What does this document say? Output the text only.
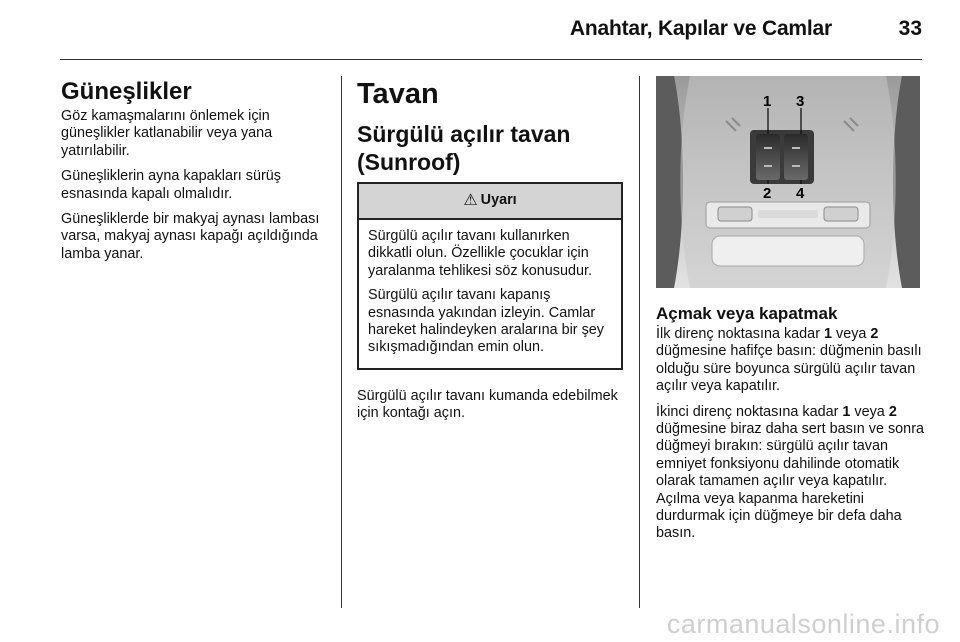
Anahtar, Kapılar ve Camlar	33
Güneşlikler

Göz kamaşmalarını önlemek için güneşlikler katlanabilir veya yana yatırılabilir.

Güneşliklerin ayna kapakları sürüş esnasında kapalı olmalıdır.

Güneşliklerde bir makyaj aynası lambası varsa, makyaj aynası kapağı açıldığında lamba yanar.

Tavan
Sürgülü açılır tavan (Sunroof)
⚠ Uyarı

Sürgülü açılır tavanı kullanırken dikkatli olun. Özellikle çocuklar için yaralanma tehlikesi söz konusudur.

Sürgülü açılır tavanı kapanış esnasında yakından izleyin. Camlar hareket halindeyken aralarına bir şey sıkışmadığından emin olun.

Sürgülü açılır tavanı kumanda edebilmek için kontağı açın.

1 3
2 4
Açmak veya kapatmak

İlk direnç noktasına kadar 1 veya 2 düğmesine hafifçe basın: düğmenin basılı olduğu süre boyunca sürgülü açılır tavan açılır veya kapatılır.

İkinci direnç noktasına kadar 1 veya 2 düğmesine biraz daha sert basın ve sonra düğmeyi bırakın: sürgülü açılır tavan emniyet fonksiyonu dahilinde otomatik olarak tamamen açılır veya kapatılır. Açılma veya kapanma hareketini durdurmak için düğmeye bir defa daha basın.

carmanualsonline.info
